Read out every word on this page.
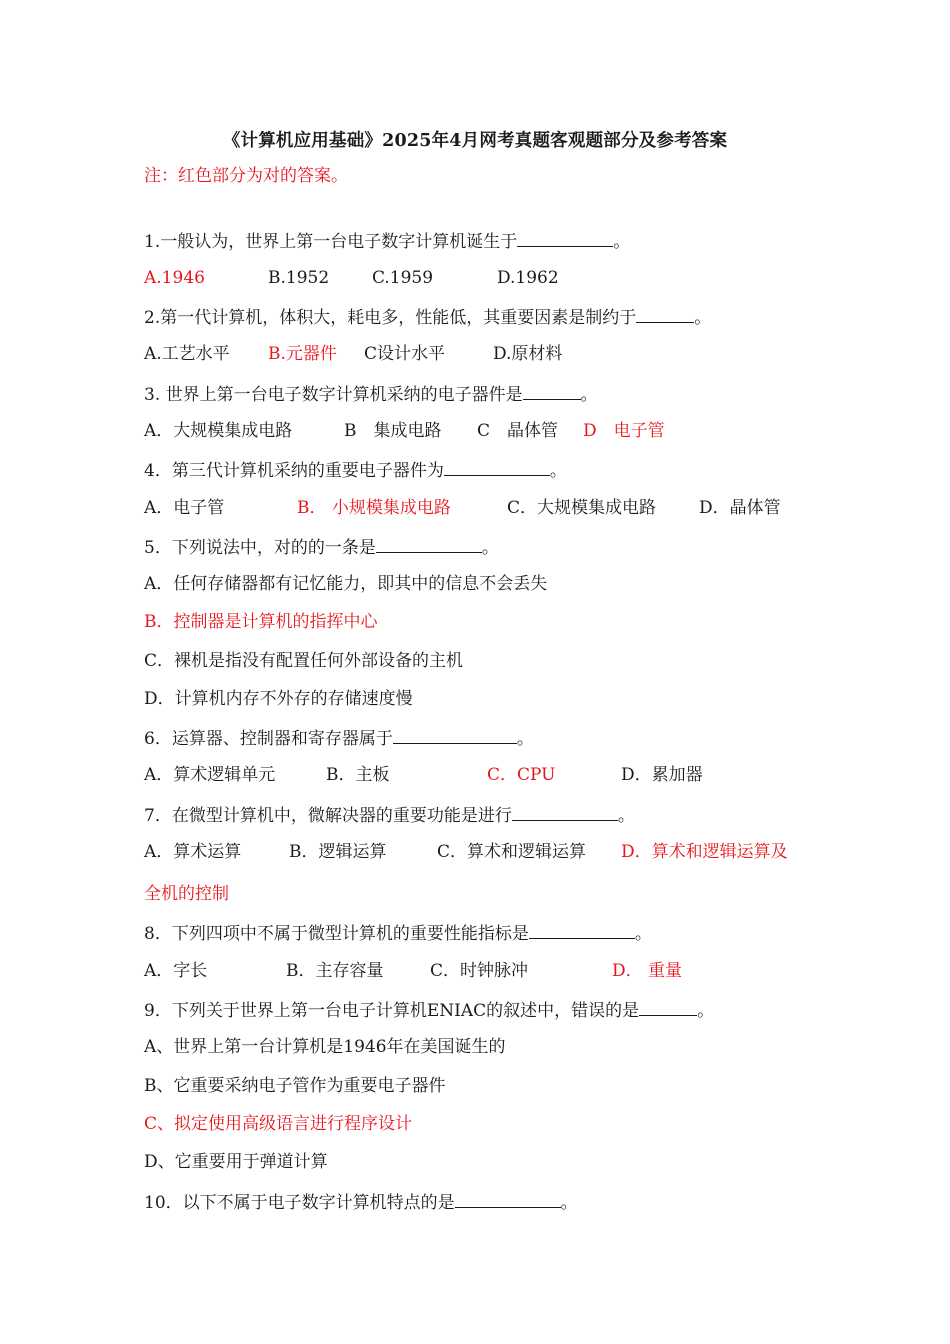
《计算机应用基础》2025年4月网考真题客观题部分及参考答案
注：红色部分为对的答案。
1.一般认为，世界上第一台电子数字计算机诞生于	。
A.1946	B.1952	C.1959	D.1962
2.第一代计算机，体积大，耗电多，性能低，其重要因素是制约于	。
A.工艺水平 B.元器件 C设计水平	D.原材料
3. 世界上第一台电子数字计算机采纳的电子器件是	。
A．大规模集成电路	B　集成电路 C　晶体管 D　电子管
4．第三代计算机采纳的重要电子器件为	。
A．电子管	B． 小规模集成电路	C．大规模集成电路	D．晶体管
5．下列说法中，对的的一条是	。
A．任何存储器都有记忆能力，即其中的信息不会丢失
B．控制器是计算机的指挥中心
C．裸机是指没有配置任何外部设备的主机
D．计算机内存不外存的存储速度慢
6．运算器、控制器和寄存器属于	。
A．算术逻辑单元	B．主板	C．CPU	D．累加器
7．在微型计算机中，微解决器的重要功能是进行	。
A．算术运算	B．逻辑运算	C．算术和逻辑运算 D．算术和逻辑运算及
全机的控制
8．下列四项中不属于微型计算机的重要性能指标是	。
A．字长	B．主存容量	C．时钟脉冲	D． 重量
9．下列关于世界上第一台电子计算机ENIAC的叙述中，错误的是	。
A、世界上第一台计算机是1946年在美国诞生的
B、它重要采纳电子管作为重要电子器件
C、拟定使用高级语言进行程序设计
D、它重要用于弹道计算
10．以下不属于电子数字计算机特点的是	。
